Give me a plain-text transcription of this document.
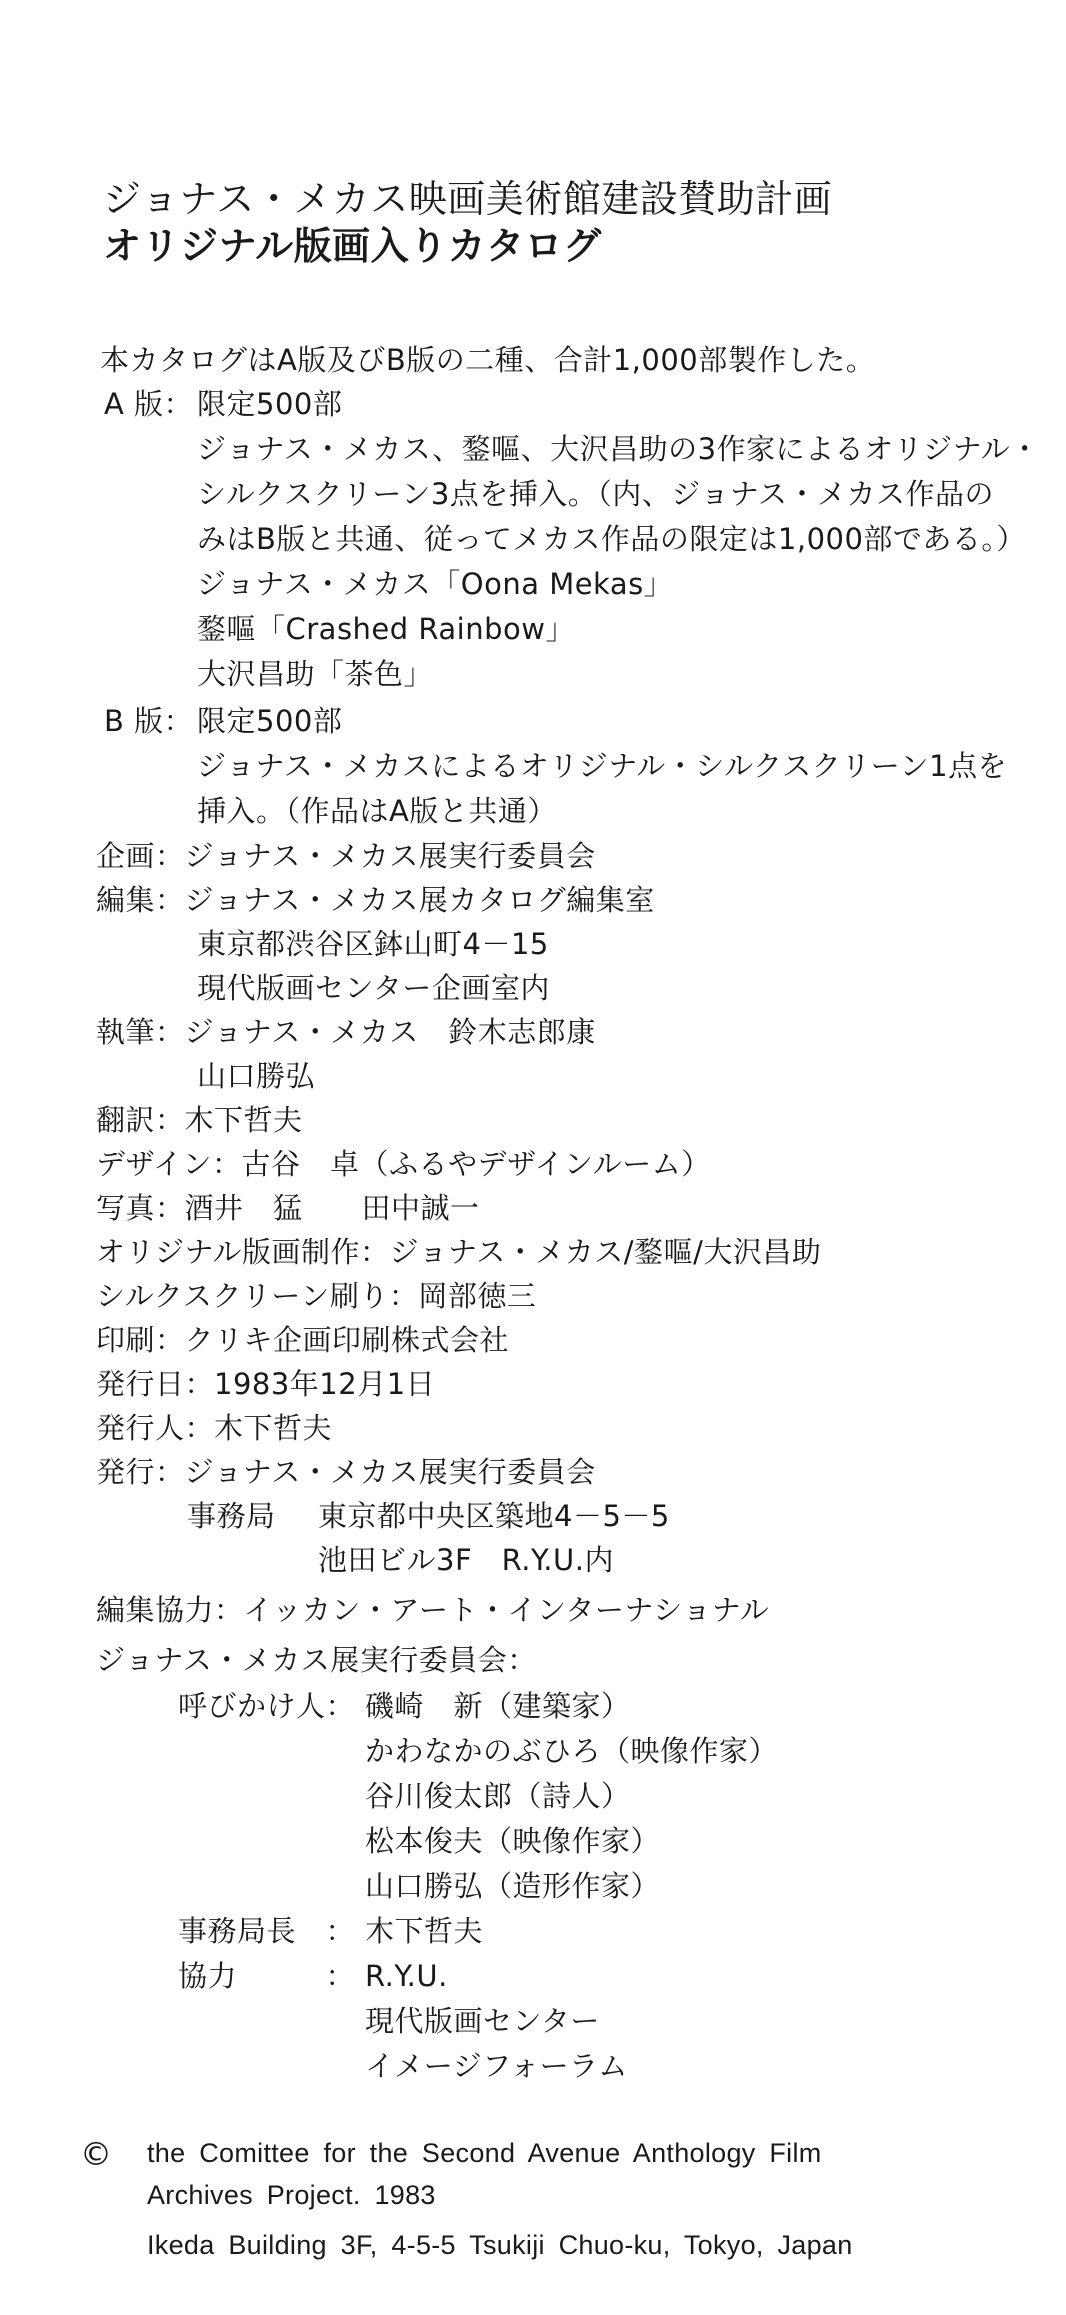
ジョナス・メカス映画美術館建設賛助計画
オリジナル版画入りカタログ
本カタログはA版及びB版の二種、合計1,000部製作した。
A 版： 限定500部
ジョナス・メカス、鍪嘔、大沢昌助の3作家によるオリジナル・
シルクスクリーン3点を挿入。（内、ジョナス・メカス作品の
みはB版と共通、従ってメカス作品の限定は1,000部である。）
ジョナス・メカス「Oona Mekas」
鍪嘔「Crashed Rainbow」
大沢昌助「茶色」
B 版： 限定500部
ジョナス・メカスによるオリジナル・シルクスクリーン1点を
挿入。（作品はA版と共通）
企画：ジョナス・メカス展実行委員会
編集：ジョナス・メカス展カタログ編集室
東京都渋谷区鉢山町4－15
現代版画センター企画室内
執筆：ジョナス・メカス　鈴木志郎康
山口勝弘
翻訳：木下哲夫
デザイン：古谷　卓（ふるやデザインルーム）
写真：酒井　猛　　田中誠一
オリジナル版画制作：ジョナス・メカス/鍪嘔/大沢昌助
シルクスクリーン刷り：岡部徳三
印刷：クリキ企画印刷株式会社
発行日：1983年12月1日
発行人：木下哲夫
発行：ジョナス・メカス展実行委員会
事務局 東京都中央区築地4－5－5
池田ビル3F　R.Y.U.内
編集協力：イッカン・アート・インターナショナル
ジョナス・メカス展実行委員会：
呼びかけ人： 磯崎　新（建築家）
かわなかのぶひろ（映像作家）
谷川俊太郎（詩人）
松本俊夫（映像作家）
山口勝弘（造形作家）
事務局長　： 木下哲夫
協力　　　： R.Y.U.
現代版画センター
イメージフォーラム
© the Comittee for the Second Avenue Anthology Film
Archives Project. 1983
Ikeda Building 3F, 4-5-5 Tsukiji Chuo-ku, Tokyo, Japan
